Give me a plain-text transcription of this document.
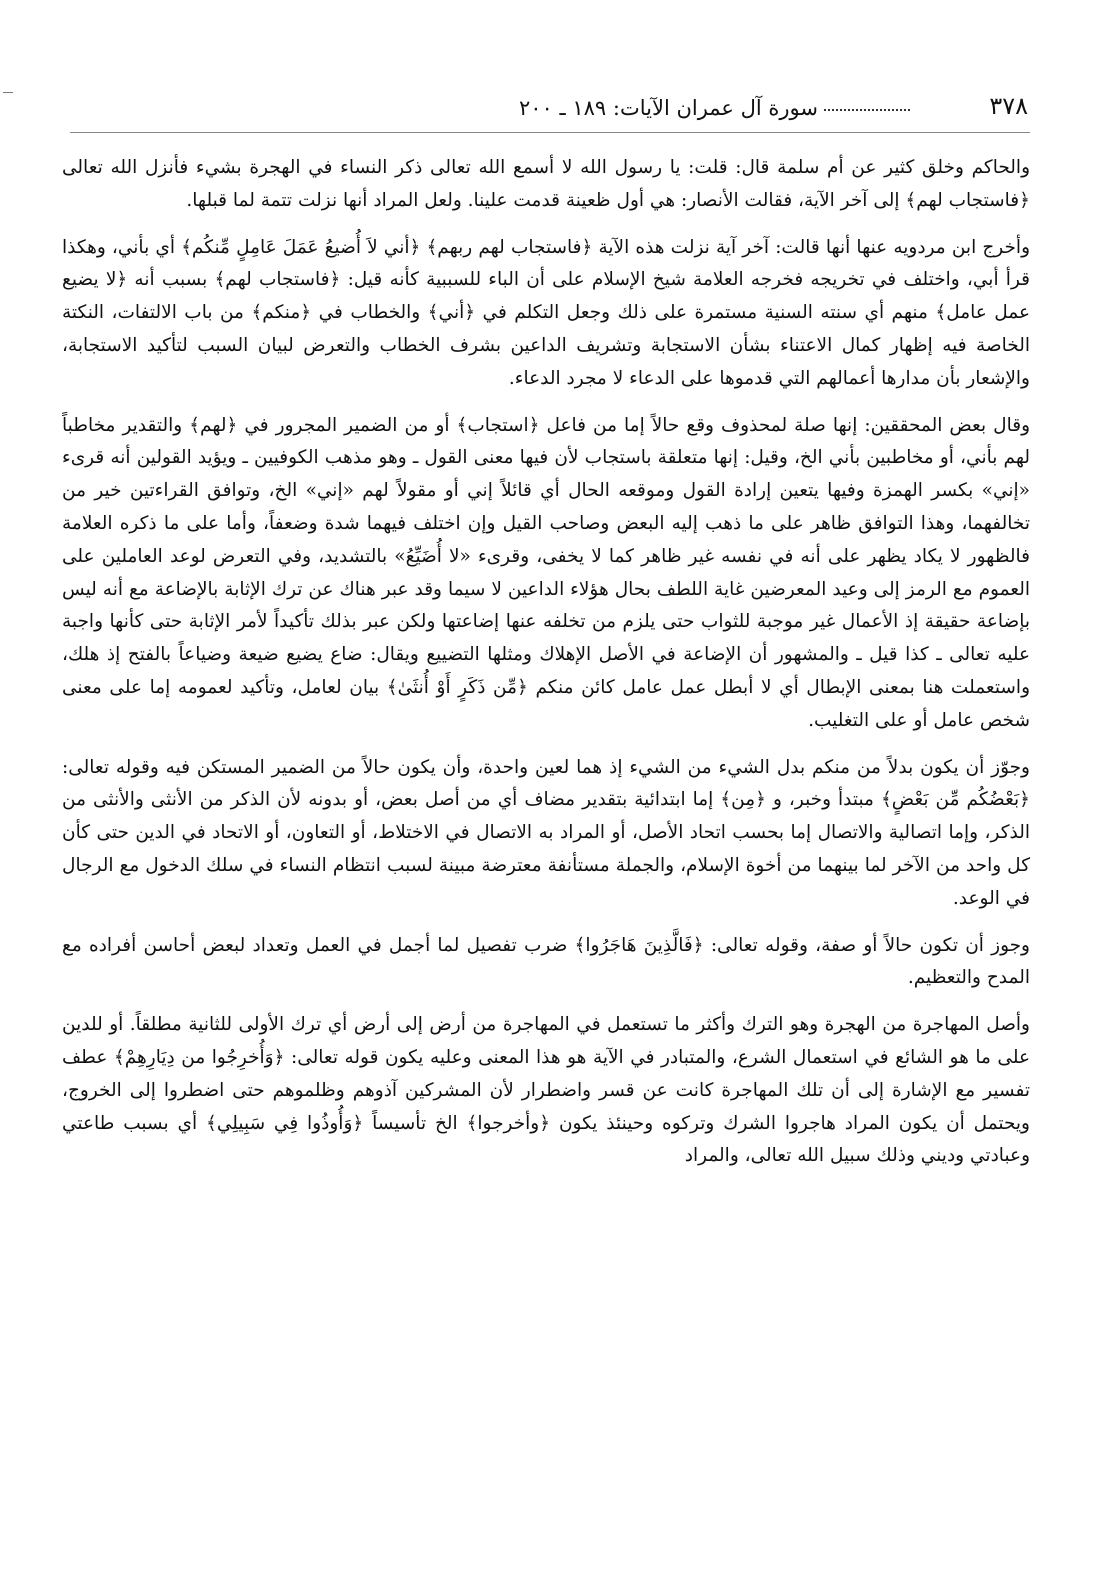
٣٧٨
سورة آل عمران الآيات: ١٨٩ ـ ٢٠٠

والحاكم وخلق كثير عن أم سلمة قال: قلت: يا رسول الله لا أسمع الله تعالى ذكر النساء في الهجرة بشيء فأنزل الله تعالى ﴿فاستجاب لهم﴾ إلى آخر الآية، فقالت الأنصار: هي أول ظعينة قدمت علينا. ولعل المراد أنها نزلت تتمة لما قبلها.

وأخرج ابن مردويه عنها أنها قالت: آخر آية نزلت هذه الآية ﴿فاستجاب لهم ربهم﴾ ﴿أني لاَ أُضيعُ عَمَلَ عَامِلٍ مِّنكُم﴾ أي بأني، وهكذا قرأ أبي، واختلف في تخريجه فخرجه العلامة شيخ الإسلام على أن الباء للسببية كأنه قيل: ﴿فاستجاب لهم﴾ بسبب أنه ﴿لا يضيع عمل عامل﴾ منهم أي سنته السنية مستمرة على ذلك وجعل التكلم في ﴿أني﴾ والخطاب في ﴿منكم﴾ من باب الالتفات، النكتة الخاصة فيه إظهار كمال الاعتناء بشأن الاستجابة وتشريف الداعين بشرف الخطاب والتعرض لبيان السبب لتأكيد الاستجابة، والإشعار بأن مدارها أعمالهم التي قدموها على الدعاء لا مجرد الدعاء.

وقال بعض المحققين: إنها صلة لمحذوف وقع حالاً إما من فاعل ﴿استجاب﴾ أو من الضمير المجرور في ﴿لهم﴾ والتقدير مخاطباً لهم بأني، أو مخاطبين بأني الخ، وقيل: إنها متعلقة باستجاب لأن فيها معنى القول ـ وهو مذهب الكوفيين ـ ويؤيد القولين أنه قرىء «إني» بكسر الهمزة وفيها يتعين إرادة القول وموقعه الحال أي قائلاً إني أو مقولاً لهم «إني» الخ، وتوافق القراءتين خير من تخالفهما، وهذا التوافق ظاهر على ما ذهب إليه البعض وصاحب القيل وإن اختلف فيهما شدة وضعفاً، وأما على ما ذكره العلامة فالظهور لا يكاد يظهر على أنه في نفسه غير ظاهر كما لا يخفى، وقرىء «لا أُضَيِّعُ» بالتشديد، وفي التعرض لوعد العاملين على العموم مع الرمز إلى وعيد المعرضين غاية اللطف بحال هؤلاء الداعين لا سيما وقد عبر هناك عن ترك الإثابة بالإضاعة مع أنه ليس بإضاعة حقيقة إذ الأعمال غير موجبة للثواب حتى يلزم من تخلفه عنها إضاعتها ولكن عبر بذلك تأكيداً لأمر الإثابة حتى كأنها واجبة عليه تعالى ـ كذا قيل ـ والمشهور أن الإضاعة في الأصل الإهلاك ومثلها التضييع ويقال: ضاع يضيع ضيعة وضياعاً بالفتح إذ هلك، واستعملت هنا بمعنى الإبطال أي لا أبطل عمل عامل كائن منكم ﴿مِّن ذَكَرٍ أَوْ أُنثَىٰ﴾ بيان لعامل، وتأكيد لعمومه إما على معنى شخص عامل أو على التغليب.

وجوّز أن يكون بدلاً من منكم بدل الشيء من الشيء إذ هما لعين واحدة، وأن يكون حالاً من الضمير المستكن فيه وقوله تعالى: ﴿بَعْضُكُم مِّن بَعْضٍ﴾ مبتدأ وخبر، و ﴿مِن﴾ إما ابتدائية بتقدير مضاف أي من أصل بعض، أو بدونه لأن الذكر من الأنثى والأنثى من الذكر، وإما اتصالية والاتصال إما بحسب اتحاد الأصل، أو المراد به الاتصال في الاختلاط، أو التعاون، أو الاتحاد في الدين حتى كأن كل واحد من الآخر لما بينهما من أخوة الإسلام، والجملة مستأنفة معترضة مبينة لسبب انتظام النساء في سلك الدخول مع الرجال في الوعد.

وجوز أن تكون حالاً أو صفة، وقوله تعالى: ﴿فَالَّذِينَ هَاجَرُوا﴾ ضرب تفصيل لما أجمل في العمل وتعداد لبعض أحاسن أفراده مع المدح والتعظيم.

وأصل المهاجرة من الهجرة وهو الترك وأكثر ما تستعمل في المهاجرة من أرض إلى أرض أي ترك الأولى للثانية مطلقاً. أو للدين على ما هو الشائع في استعمال الشرع، والمتبادر في الآية هو هذا المعنى وعليه يكون قوله تعالى: ﴿وَأُخرِجُوا من دِيَارِهِمْ﴾ عطف تفسير مع الإشارة إلى أن تلك المهاجرة كانت عن قسر واضطرار لأن المشركين آذوهم وظلموهم حتى اضطروا إلى الخروج، ويحتمل أن يكون المراد هاجروا الشرك وتركوه وحينئذ يكون ﴿وأخرجوا﴾ الخ تأسيساً ﴿وَأُوذُوا فِي سَبِيلِي﴾ أي بسبب طاعتي وعبادتي وديني وذلك سبيل الله تعالى، والمراد
